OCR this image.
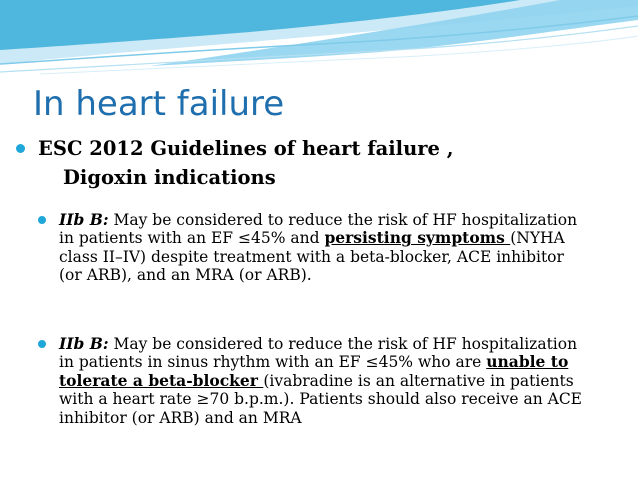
In heart failure
ESC 2012 Guidelines of heart failure ,
Digoxin indications
IIb B: May be considered to reduce the risk of HF hospitalization
in patients with an EF ≤45% and persisting symptoms (NYHA
class II–IV) despite treatment with a beta-blocker, ACE inhibitor
(or ARB), and an MRA (or ARB).
IIb B: May be considered to reduce the risk of HF hospitalization
in patients in sinus rhythm with an EF ≤45% who are unable to
tolerate a beta-blocker (ivabradine is an alternative in patients
with a heart rate ≥70 b.p.m.). Patients should also receive an ACE
inhibitor (or ARB) and an MRA
